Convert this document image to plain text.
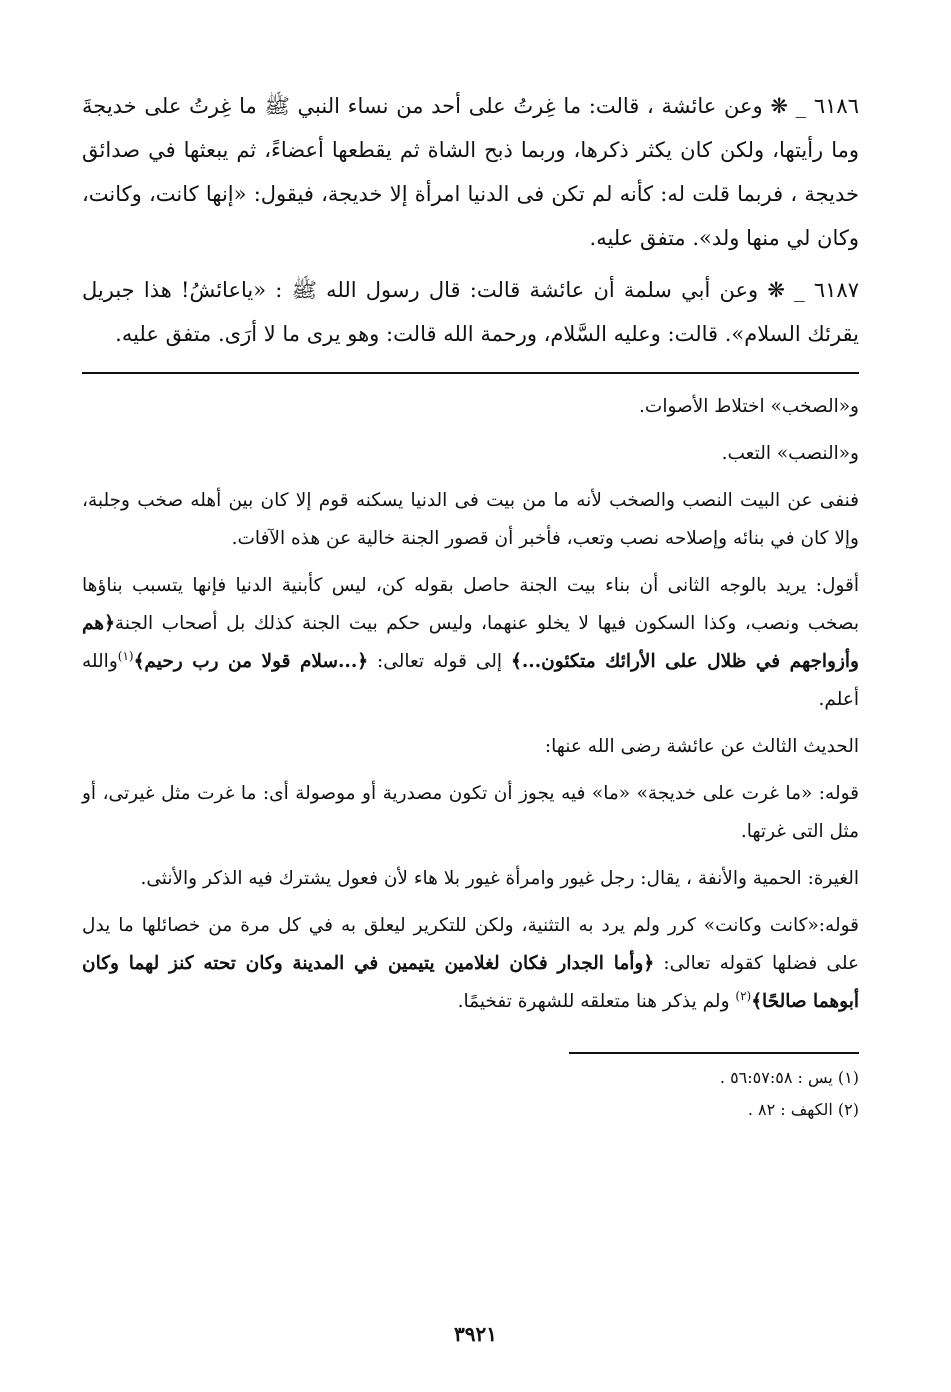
٦١٨٦ _ ❋ وعن عائشة ، قالت: ما غِرتُ على أحد من نساء النبي ﷺ ما غِرتُ على خديجةَ وما رأيتها، ولكن كان يكثر ذكرها، وربما ذبح الشاة ثم يقطعها أعضاءً، ثم يبعثها في صدائق خديجة ، فربما قلت له: كأنه لم تكن فى الدنيا امرأة إلا خديجة، فيقول: «إنها كانت، وكانت، وكان لي منها ولد». متفق عليه.

٦١٨٧ _ ❋ وعن أبي سلمة أن عائشة قالت: قال رسول الله ﷺ : «ياعائشُ! هذا جبريل يقرئك السلام». قالت: وعليه السَّلام، ورحمة الله قالت: وهو يرى ما لا أرَى. متفق عليه.

و«الصخب» اختلاط الأصوات.

و«النصب» التعب.

فنفى عن البيت النصب والصخب لأنه ما من بيت فى الدنيا يسكنه قوم إلا كان بين أهله صخب وجلبة، وإلا كان في بنائه وإصلاحه نصب وتعب، فأخبر أن قصور الجنة خالية عن هذه الآفات.

أقول: يريد بالوجه الثانى أن بناء بيت الجنة حاصل بقوله كن، ليس كأبنية الدنيا فإنها يتسبب بناؤها بصخب ونصب، وكذا السكون فيها لا يخلو عنهما، وليس حكم بيت الجنة كذلك بل أصحاب الجنة﴿هم وأزواجهم في ظلال على الأرائك متكئون...﴾ إلى قوله تعالى: ﴿...سلام قولا من رب رحيم﴾$^{(١)}$والله أعلم.

الحديث الثالث عن عائشة رضى الله عنها:

قوله: «ما غرت على خديجة» «ما» فيه يجوز أن تكون مصدرية أو موصولة أى: ما غرت مثل غيرتى، أو مثل التى غرتها.

الغيرة: الحمية والأنفة ، يقال: رجل غيور وامرأة غيور بلا هاء لأن فعول يشترك فيه الذكر والأنثى.

قوله:«كانت وكانت» كرر ولم يرد به التثنية، ولكن للتكرير ليعلق به في كل مرة من خصائلها ما يدل على فضلها كقوله تعالى: ﴿وأما الجدار فكان لغلامين يتيمين في المدينة وكان تحته كنز لهما وكان أبوهما صالحًا﴾$^{(٢)}$ ولم يذكر هنا متعلقه للشهرة تفخيمًا.

(١) يس : ٥٦:٥٧:٥٨ .

(٢) الكهف : ٨٢ .

٣٩٢١
